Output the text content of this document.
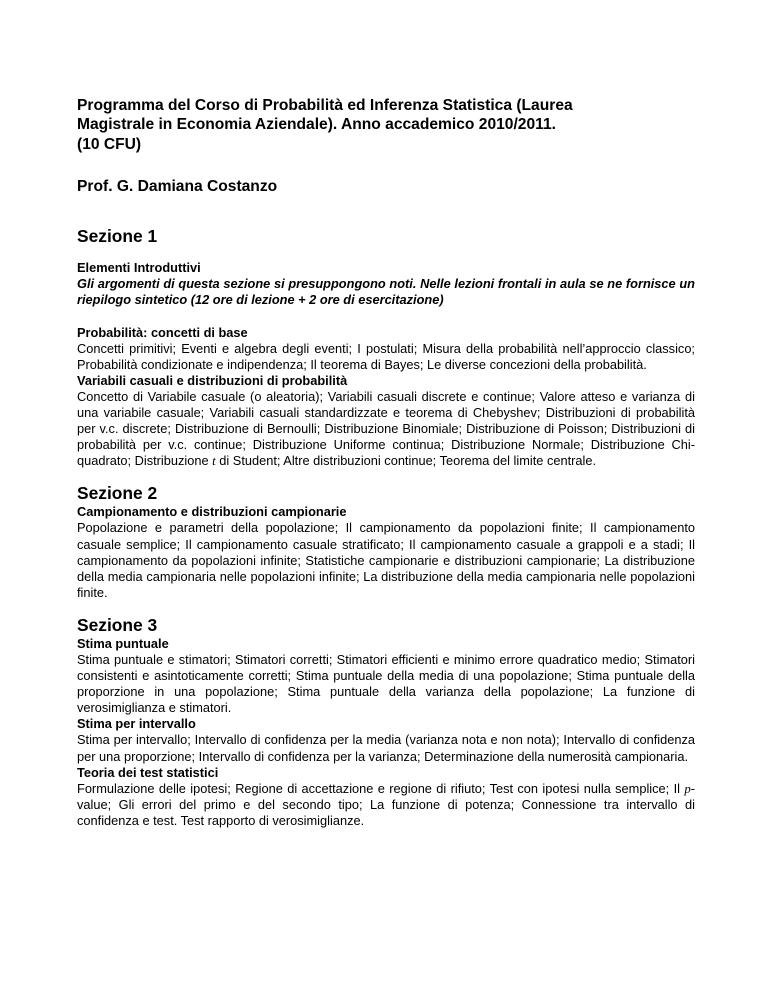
Programma del Corso di Probabilità ed Inferenza Statistica (Laurea
Magistrale in Economia Aziendale). Anno accademico 2010/2011.
(10 CFU)

Prof. G. Damiana Costanzo

Sezione 1

Elementi Introduttivi

Gli argomenti di questa sezione si presuppongono noti. Nelle lezioni frontali in aula se ne fornisce un riepilogo sintetico (12 ore di lezione + 2 ore di esercitazione)

Probabilità: concetti di base

Concetti primitivi; Eventi e algebra degli eventi; I postulati; Misura della probabilità nell’approccio classico; Probabilità condizionate e indipendenza; Il teorema di Bayes; Le diverse concezioni della probabilità.

Variabili casuali e distribuzioni di probabilità

Concetto di Variabile casuale (o aleatoria); Variabili casuali discrete e continue; Valore atteso e varianza di una variabile casuale; Variabili casuali standardizzate e teorema di Chebyshev; Distribuzioni di probabilità per v.c. discrete; Distribuzione di Bernoulli; Distribuzione Binomiale; Distribuzione di Poisson; Distribuzioni di probabilità per v.c. continue; Distribuzione Uniforme continua; Distribuzione Normale; Distribuzione Chi-quadrato; Distribuzione t di Student; Altre distribuzioni continue; Teorema del limite centrale.

Sezione 2

Campionamento e distribuzioni campionarie

Popolazione e parametri della popolazione; Il campionamento da popolazioni finite; Il campionamento casuale semplice; Il campionamento casuale stratificato; Il campionamento casuale a grappoli e a stadi; Il campionamento da popolazioni infinite; Statistiche campionarie e distribuzioni campionarie; La distribuzione della media campionaria nelle popolazioni infinite; La distribuzione della media campionaria nelle popolazioni finite.

Sezione 3

Stima puntuale

Stima puntuale e stimatori; Stimatori corretti; Stimatori efficienti e minimo errore quadratico medio; Stimatori consistenti e asintoticamente corretti; Stima puntuale della media di una popolazione; Stima puntuale della proporzione in una popolazione; Stima puntuale della varianza della popolazione; La funzione di verosimiglianza e stimatori.

Stima per intervallo

Stima per intervallo; Intervallo di confidenza per la media (varianza nota e non nota); Intervallo di confidenza per una proporzione; Intervallo di confidenza per la varianza; Determinazione della numerosità campionaria.

Teoria dei test statistici

Formulazione delle ipotesi; Regione di accettazione e regione di rifiuto; Test con ipotesi nulla semplice; Il p-value; Gli errori del primo e del secondo tipo; La funzione di potenza; Connessione tra intervallo di confidenza e test. Test rapporto di verosimiglianze.
